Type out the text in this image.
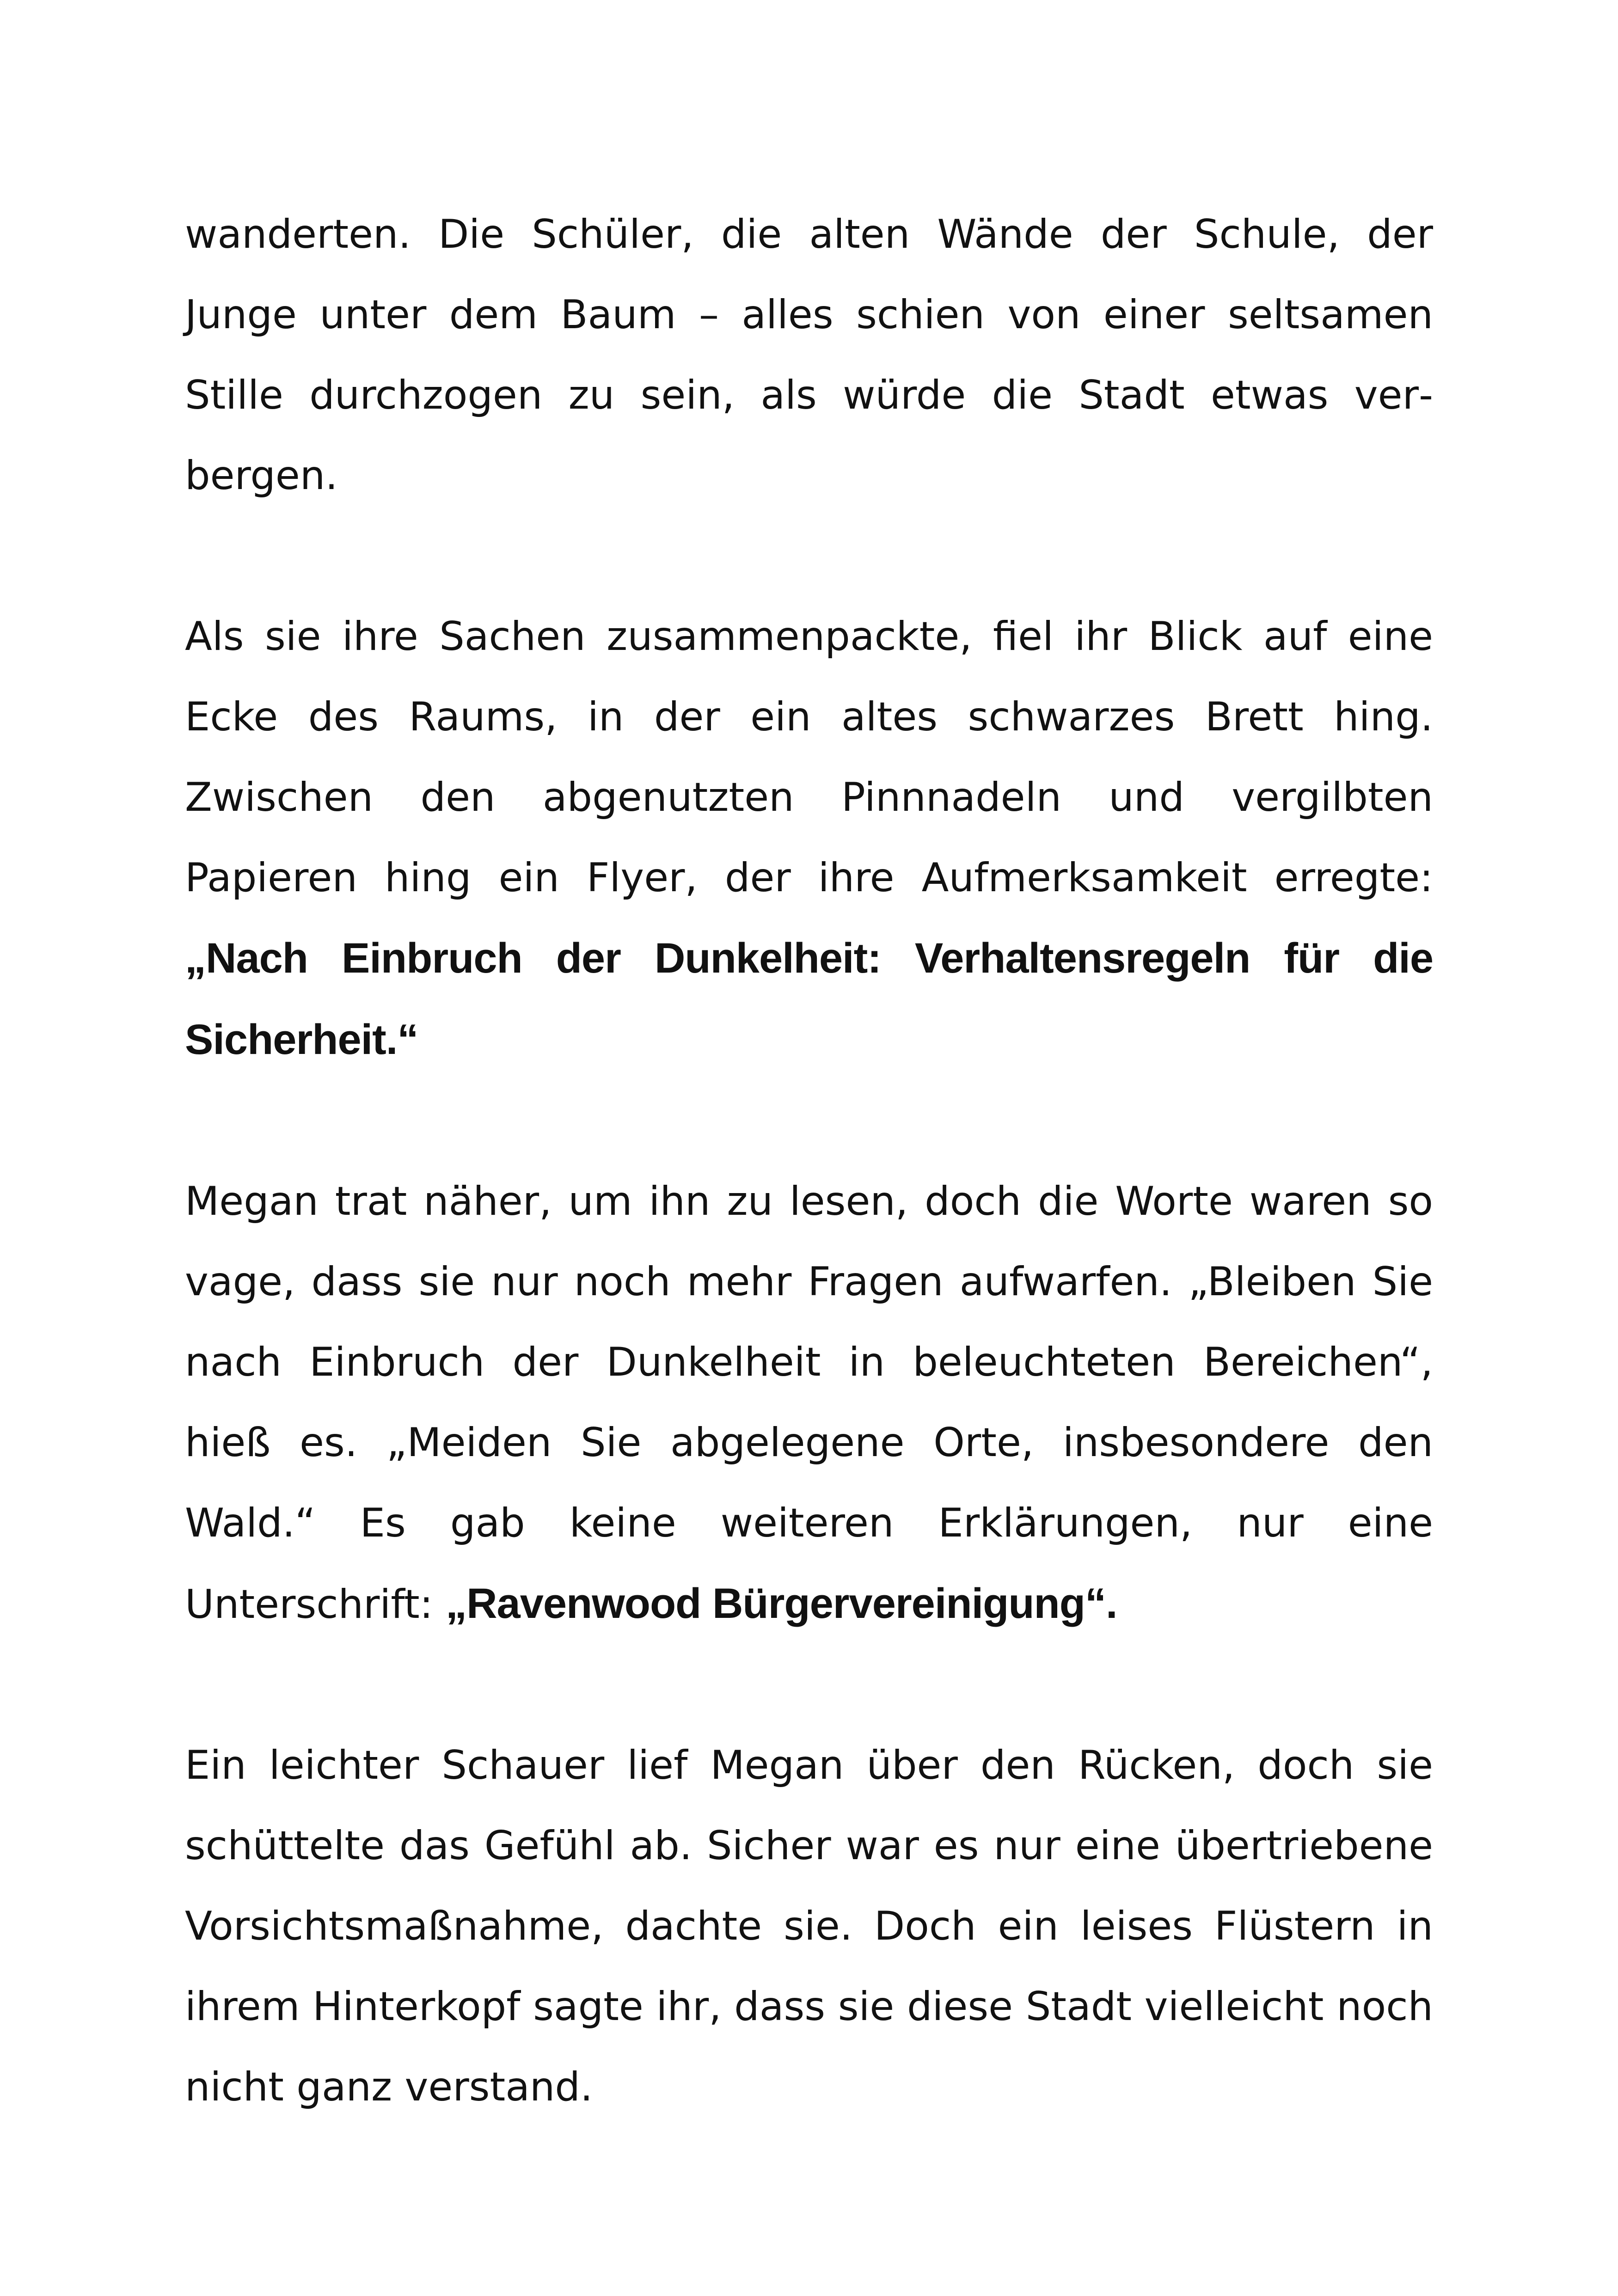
wanderten. Die Schüler, die alten Wände der Schule, der Junge unter dem Baum – alles schien von einer seltsamen Stille durchzogen zu sein, als würde die Stadt etwas verbergen.

Als sie ihre Sachen zusammenpackte, fiel ihr Blick auf eine Ecke des Raums, in der ein altes schwarzes Brett hing. Zwischen den abgenutzten Pinnnadeln und vergilbten Papieren hing ein Flyer, der ihre Aufmerksamkeit erregte: „Nach Einbruch der Dunkelheit: Verhaltensregeln für die Sicherheit.“

Megan trat näher, um ihn zu lesen, doch die Worte waren so vage, dass sie nur noch mehr Fragen aufwarfen. „Bleiben Sie nach Einbruch der Dunkelheit in beleuchteten Bereichen“, hieß es. „Meiden Sie abgelegene Orte, insbesondere den Wald.“ Es gab keine weiteren Erklärungen, nur eine Unterschrift: „Ravenwood Bürgervereinigung“.

Ein leichter Schauer lief Megan über den Rücken, doch sie schüttelte das Gefühl ab. Sicher war es nur eine übertriebene Vorsichtsmaßnahme, dachte sie. Doch ein leises Flüstern in ihrem Hinterkopf sagte ihr, dass sie diese Stadt vielleicht noch nicht ganz verstand.
